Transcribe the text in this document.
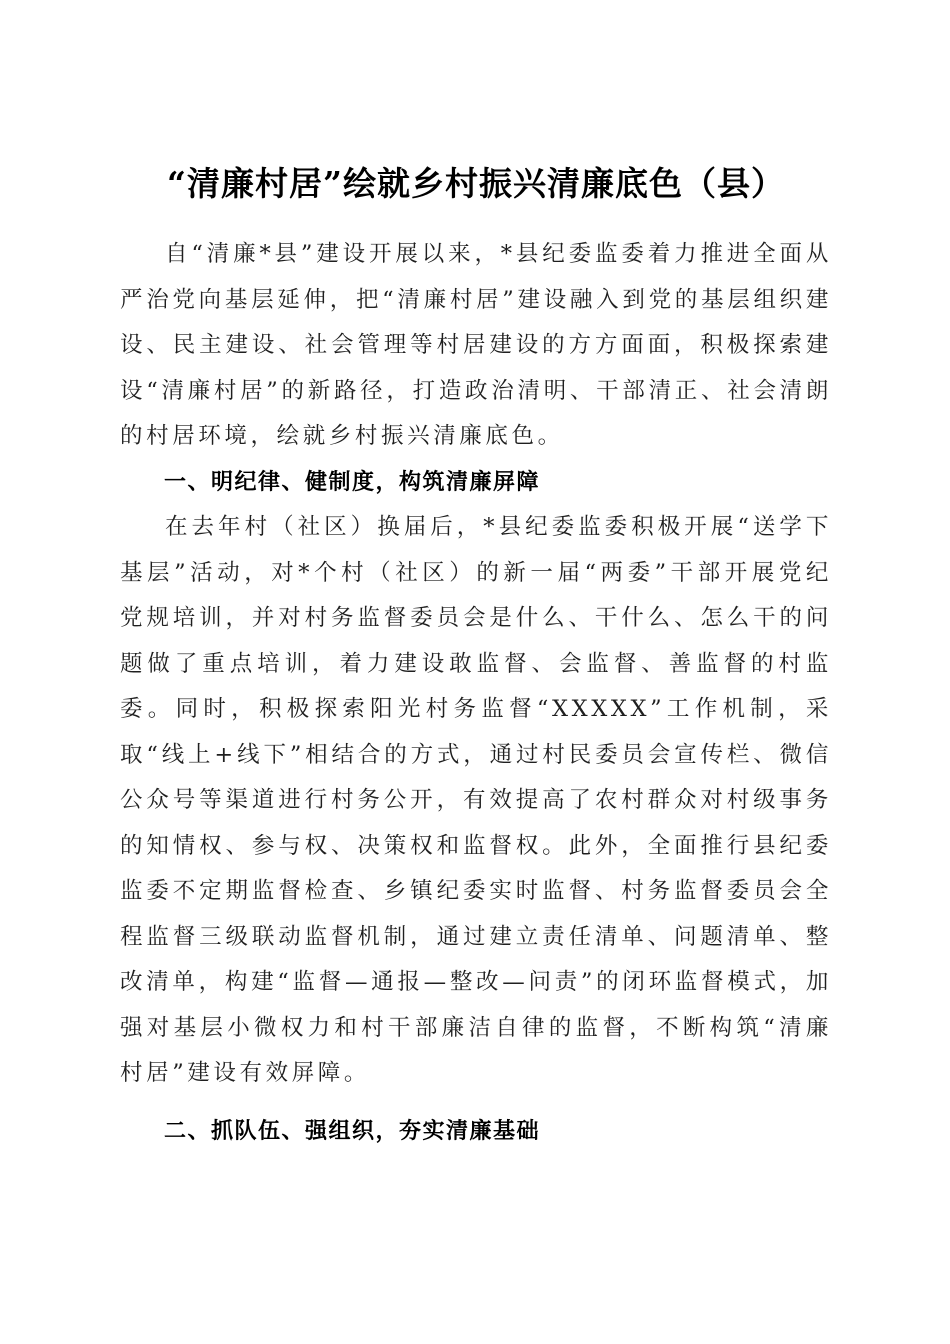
“清廉村居”绘就乡村振兴清廉底色（县）

自“清廉*县”建设开展以来，*县纪委监委着力推进全面从严治党向基层延伸，把“清廉村居”建设融入到党的基层组织建设、民主建设、社会管理等村居建设的方方面面，积极探索建设“清廉村居”的新路径，打造政治清明、干部清正、社会清朗的村居环境，绘就乡村振兴清廉底色。

一、明纪律、健制度，构筑清廉屏障

在去年村（社区）换届后，*县纪委监委积极开展“送学下基层”活动，对*个村（社区）的新一届“两委”干部开展党纪党规培训，并对村务监督委员会是什么、干什么、怎么干的问题做了重点培训，着力建设敢监督、会监督、善监督的村监委。同时，积极探索阳光村务监督“XXXXX”工作机制，采取“线上+线下”相结合的方式，通过村民委员会宣传栏、微信公众号等渠道进行村务公开，有效提高了农村群众对村级事务的知情权、参与权、决策权和监督权。此外，全面推行县纪委监委不定期监督检查、乡镇纪委实时监督、村务监督委员会全程监督三级联动监督机制，通过建立责任清单、问题清单、整改清单，构建“监督—通报—整改—问责”的闭环监督模式，加强对基层小微权力和村干部廉洁自律的监督，不断构筑“清廉村居”建设有效屏障。

二、抓队伍、强组织，夯实清廉基础
